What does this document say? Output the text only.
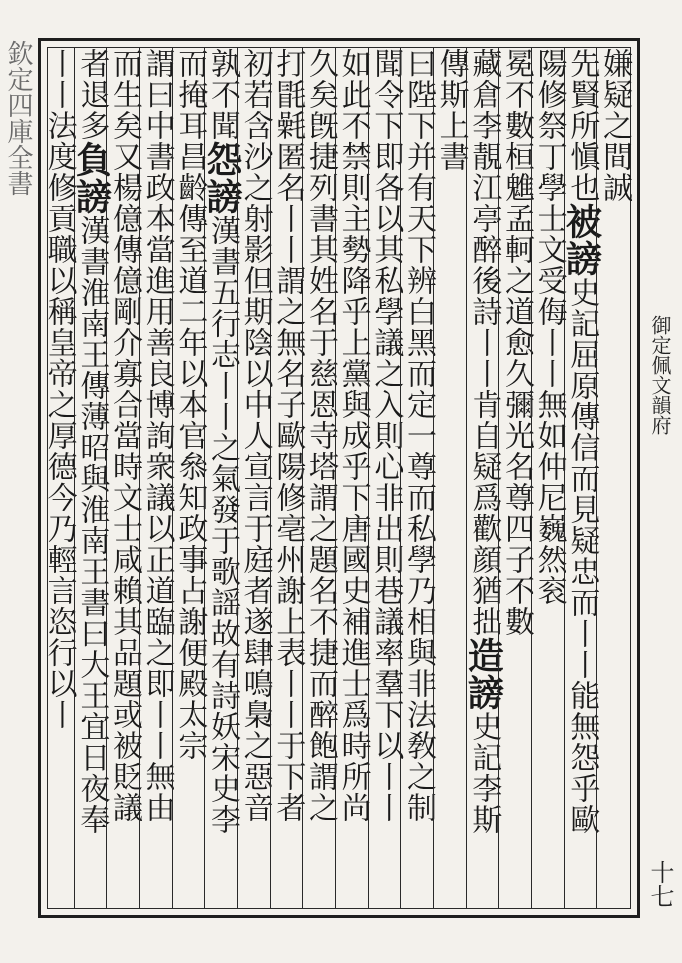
欽定四庫全書	嫌疑之間誠
先賢所愼也被謗史記屈原傳信而見疑忠而丨丨能無怨乎歐
陽修祭丁學士文受侮丨丨無如仲尼巍然衮
冕不數桓魋孟軻之道愈久彌光名尊四子不數
藏倉李靚江亭醉後詩丨丨肯自疑爲歡顔猶拙造謗史記李斯
傳斯上書
曰陛下并有天下辨白黑而定一尊而私學乃相與非法敎之制
聞令下即各以其私學議之入則心非出則巷議率羣下以丨丨
如此不禁則主勢降乎上黨與成乎下唐國史補進士爲時所尚
久矣旣捷列書其姓名于慈恩寺塔謂之題名不捷而醉飽謂之
打毷氉匿名丨丨謂之無名子歐陽修亳州謝上表丨丨于下者
初若含沙之射影但期陰以中人宣言于庭者遂肆鳴梟之惡音
孰不聞怨謗漢書五行志丨丨之氣發于歌謡故有詩妖宋史李
而掩耳昌齡傳至道二年以本官叅知政事占謝便殿太宗
謂曰中書政本當進用善良博詢衆議以正道臨之即丨丨無由
而生矣又楊億傳億剛介寡合當時文士咸賴其品題或被貶議
者退多負謗漢書淮南王傳薄昭與淮南王書曰大王宜日夜奉
丨丨法度修貢職以稱皇帝之厚德今乃輕言恣行以丨	御定佩文韻府
十七
